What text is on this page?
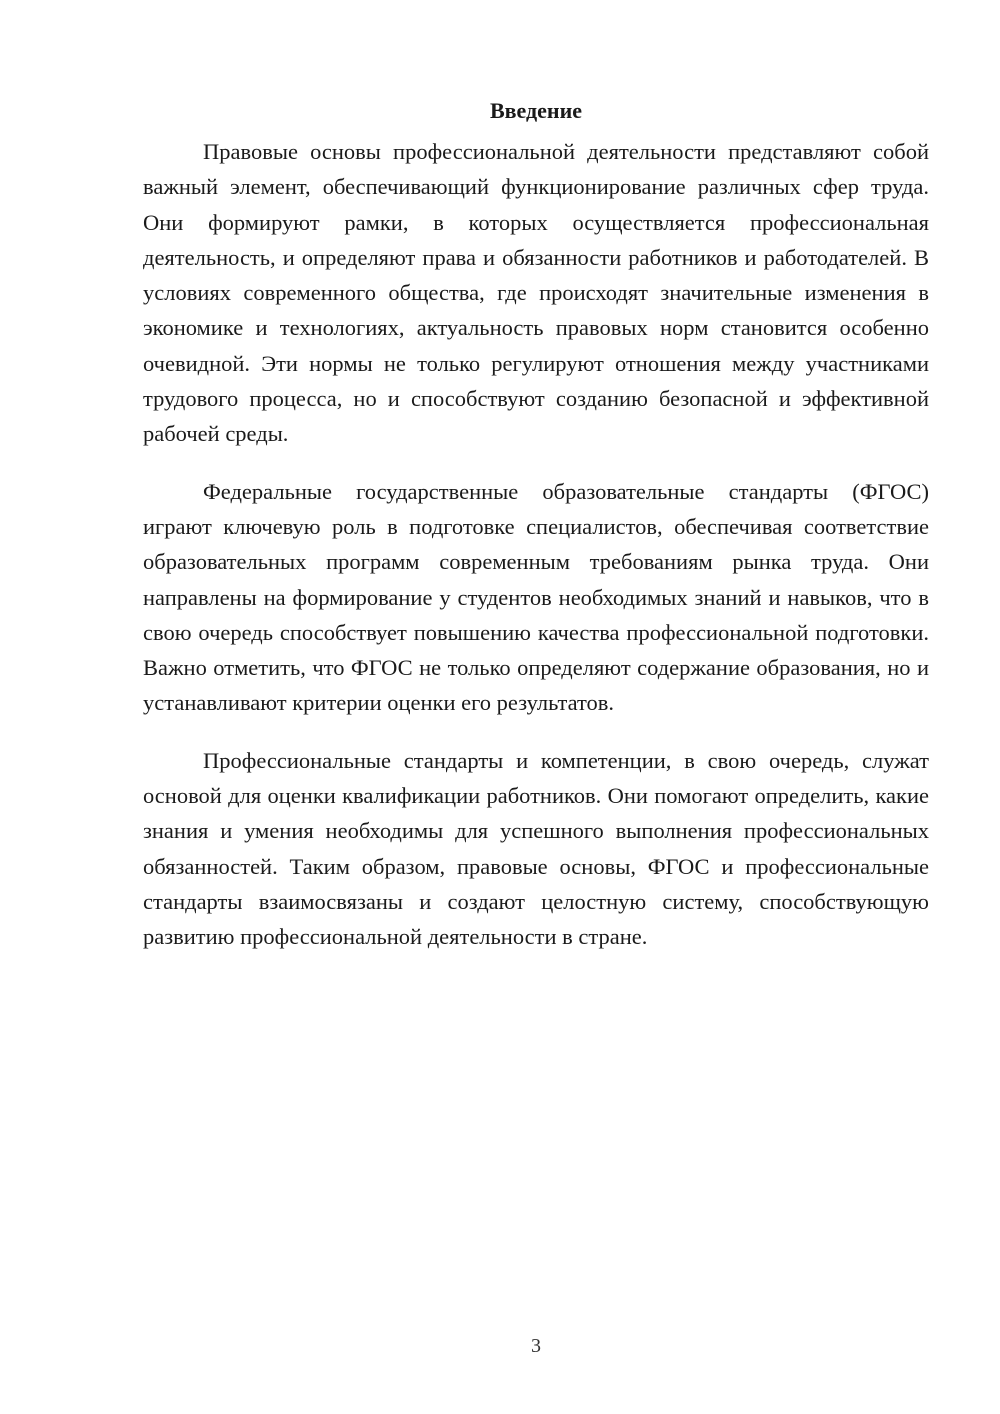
Введение

Правовые основы профессиональной деятельности представляют собой важный элемент, обеспечивающий функционирование различных сфер труда. Они формируют рамки, в которых осуществляется профессиональная деятельность, и определяют права и обязанности работников и работодателей. В условиях современного общества, где происходят значительные изменения в экономике и технологиях, актуальность правовых норм становится особенно очевидной. Эти нормы не только регулируют отношения между участниками трудового процесса, но и способствуют созданию безопасной и эффективной рабочей среды.

Федеральные государственные образовательные стандарты (ФГОС) играют ключевую роль в подготовке специалистов, обеспечивая соответствие образовательных программ современным требованиям рынка труда. Они направлены на формирование у студентов необходимых знаний и навыков, что в свою очередь способствует повышению качества профессиональной подготовки. Важно отметить, что ФГОС не только определяют содержание образования, но и устанавливают критерии оценки его результатов.

Профессиональные стандарты и компетенции, в свою очередь, служат основой для оценки квалификации работников. Они помогают определить, какие знания и умения необходимы для успешного выполнения профессиональных обязанностей. Таким образом, правовые основы, ФГОС и профессиональные стандарты взаимосвязаны и создают целостную систему, способствующую развитию профессиональной деятельности в стране.

3
